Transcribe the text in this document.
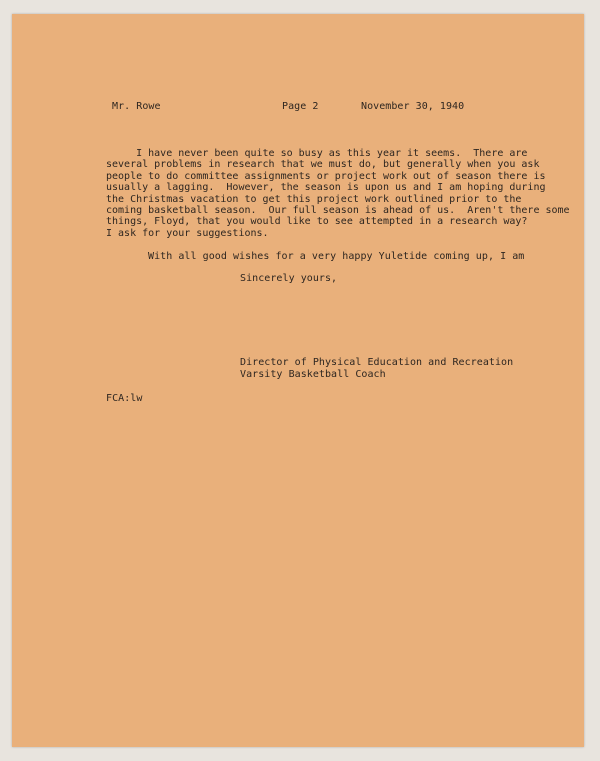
Mr. Rowe	Page 2	November 30, 1940
I have never been quite so busy as this year it seems.  There are
several problems in research that we must do, but generally when you ask
people to do committee assignments or project work out of season there is
usually a lagging.  However, the season is upon us and I am hoping during
the Christmas vacation to get this project work outlined prior to the
coming basketball season.  Our full season is ahead of us.  Aren't there some
things, Floyd, that you would like to see attempted in a research way?
I ask for your suggestions.
With all good wishes for a very happy Yuletide coming up, I am
Sincerely yours,
Director of Physical Education and Recreation
Varsity Basketball Coach
FCA:lw
